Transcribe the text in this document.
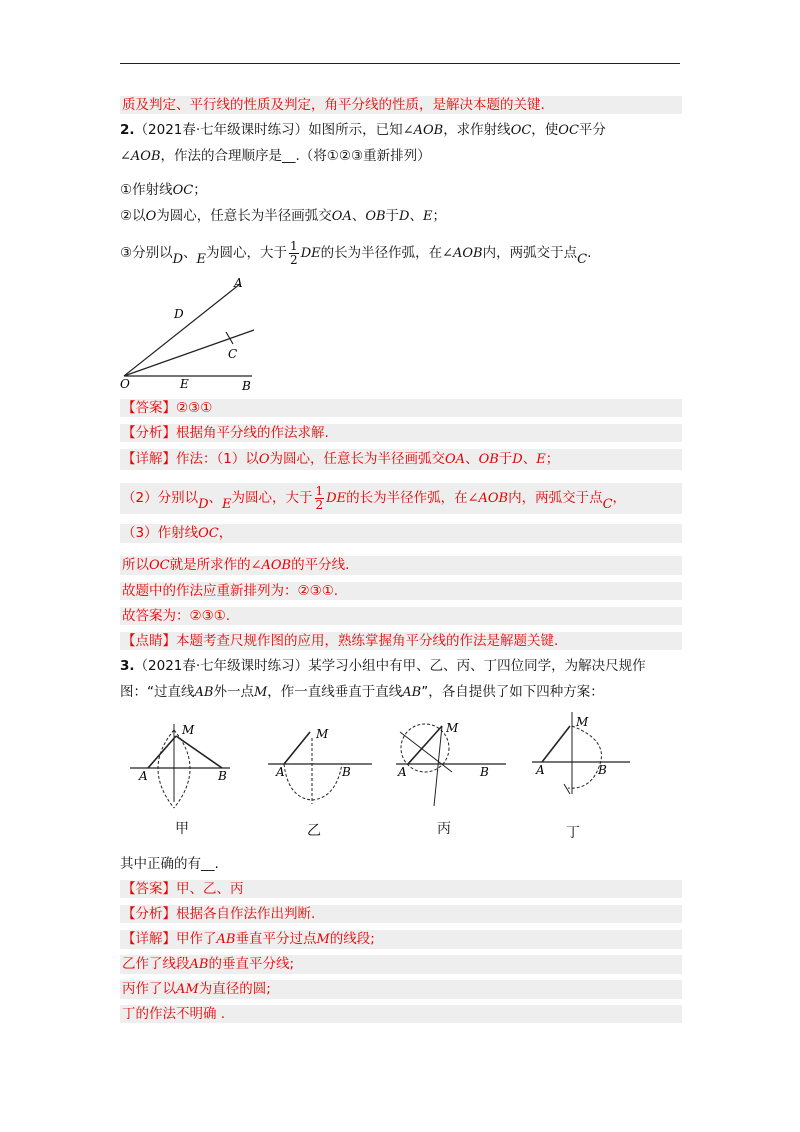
质及判定、平行线的性质及判定，角平分线的性质，是解决本题的关键.
2.（2021春·七年级课时练习）如图所示，已知∠AOB，求作射线OC，使OC平分
∠AOB，作法的合理顺序是__.（将①②③重新排列）
①作射线OC；
②以O为圆心，任意长为半径画弧交OA、OB于D、E；
③分别以D、E为圆心，大于 $\frac{1}{2}$ DE的长为半径作弧，在∠AOB内，两弧交于点C.
A
D
C
O	E	B
【答案】②③①
【分析】根据角平分线的作法求解.
【详解】作法：（1）以O为圆心，任意长为半径画弧交OA、OB于D、E；
（2）分别以D、E为圆心，大于 $\frac{1}{2}$ DE的长为半径作弧，在∠AOB内，两弧交于点C，
（3）作射线OC，
所以OC就是所求作的∠AOB的平分线.
故题中的作法应重新排列为：②③①.
故答案为：②③①.
【点睛】本题考查尺规作图的应用，熟练掌握角平分线的作法是解题关键.
3.（2021春·七年级课时练习）某学习小组中有甲、乙、丙、丁四位同学，为解决尺规作
图：“过直线AB外一点M，作一直线垂直于直线AB”，各自提供了如下四种方案：
M
A	B
甲
M
A	B
乙
M
A	B
丙
M
A	B
丁
其中正确的有__.
【答案】甲、乙、丙
【分析】根据各自作法作出判断.
【详解】甲作了AB垂直平分过点M的线段;
乙作了线段AB的垂直平分线;
丙作了以AM为直径的圆;
丁的作法不明确 .
